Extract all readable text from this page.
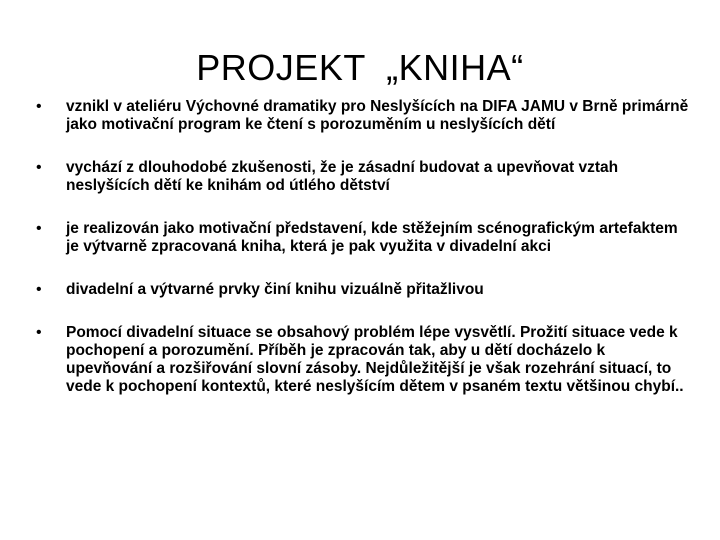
PROJEKT  „KNIHA“
•	vznikl v ateliéru Výchovné dramatiky pro Neslyšících na DIFA JAMU v Brně primárně jako motivační program ke čtení s porozuměním u neslyšících dětí
•	vychází z dlouhodobé zkušenosti, že je zásadní budovat a upevňovat vztah neslyšících dětí ke knihám od útlého dětství
•	je realizován jako motivační představení, kde stěžejním scénografickým artefaktem je výtvarně zpracovaná kniha, která je pak využita v divadelní akci
•	divadelní a výtvarné prvky činí knihu vizuálně přitažlivou
•	Pomocí divadelní situace se obsahový problém lépe vysvětlí. Prožití situace vede k pochopení a porozumění. Příběh je zpracován tak, aby u dětí docházelo k upevňování a rozšiřování slovní zásoby. Nejdůležitější je však rozehrání situací, to vede k pochopení kontextů, které neslyšícím dětem v psaném textu většinou chybí..
